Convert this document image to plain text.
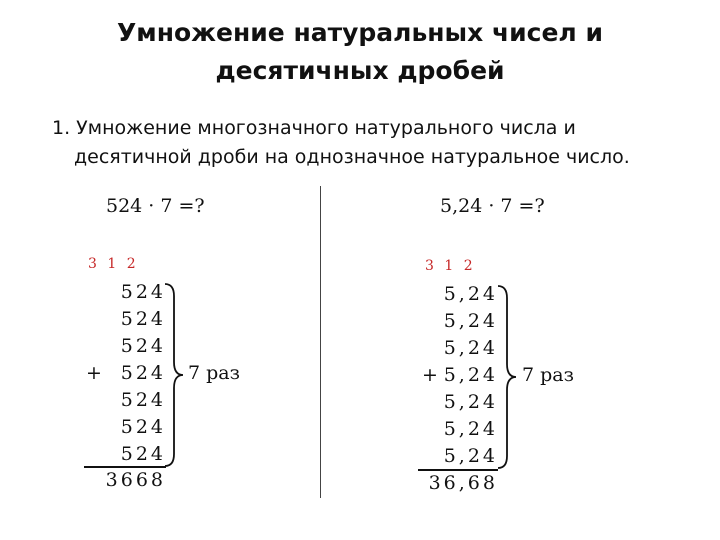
Умножение натуральных чисел и
десятичных дробей
1. Умножение многозначного натурального числа и
десятичной дроби на однозначное натуральное число.
524 · 7 =?
3 1 2
524
524
524
524
524
524
524
+	7 раз
3668
5,24 · 7 =?
3 1 2
5,24
5,24
5,24
5,24
5,24
5,24
5,24
+	7 раз
36,68
